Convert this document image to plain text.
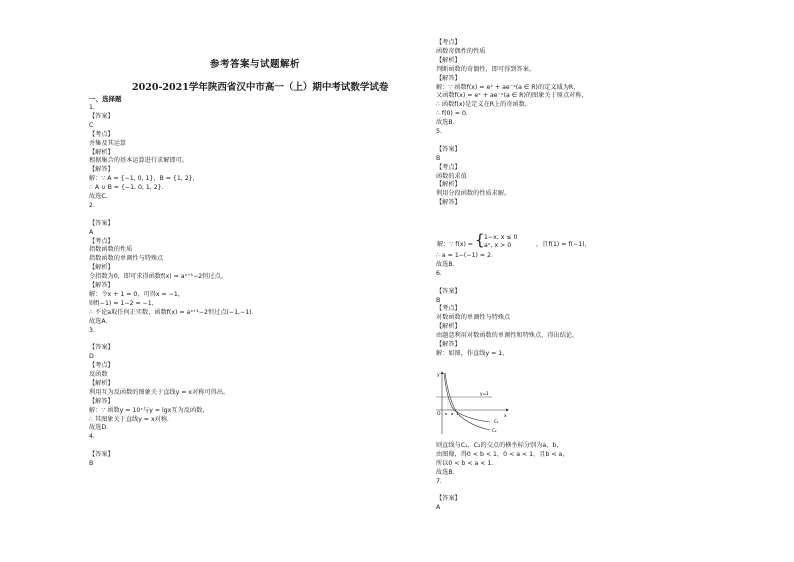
参考答案与试题解析
2020-2021学年陕西省汉中市高一（上）期中考试数学试卷
一、选择题
1.
【答案】
C
【考点】
并集及其运算
【解析】
根据集合的基本运算进行求解即可。
【解答】
解：∵ A = {−1, 0, 1}，B = {1, 2}，
∴ A ∪ B = {−1, 0, 1, 2}.
故选C.
2.
【答案】
A
【考点】
指数函数的性质
指数函数的单调性与特殊点
【解析】
令指数为0，即可求得函数f(x) = aˣ⁺¹−2恒过点。
【解答】
解：令x + 1 = 0，可得x = −1，
则f(−1) = 1−2 = −1，
∴ 不论a取任何正实数，函数f(x) = aˣ⁺¹−2恒过点(−1,−1).
故选A.
3.
【答案】
D
【考点】
反函数
【解析】
利用互为反函数的图象关于直线y = x对称可得出。
【解答】
解：∵ 函数y = 10ˣ与y = lgx互为反函数，
∴ 其图象关于直线y = x对称．
故选D.
4.
【答案】
B
【考点】
函数奇偶性的性质
【解析】
判断函数的奇偶性，即可得到答案。
【解答】
解：∵ 函数f(x) = eˣ + ae⁻ˣ(a ∈ R)的定义域为R，
又函数f(x) = eˣ + ae⁻ˣ(a ∈ R)的图象关于原点对称，
∴ 函数f(x)是定义在R上的奇函数，
∴ f(0) = 0．
故选B.
5.
【答案】
B
【考点】
函数的求值
【解析】
利用分段函数的性质求解。
【解答】
∴ a = 1−(−1) = 2．
故选B.
6.
【答案】
B
【考点】
对数函数的单调性与特殊点
【解析】
由题意利用对数函数的单调性和特殊点，得出结论。
【解答】
解：如图，作直线y = 1，
则直线与C₁，C₂的交点的横坐标分别为a，b，
由图像，得0 < b < 1，0 < a < 1，且b < a，
所以0 < b < a < 1．
故选B.
7.
【答案】
A
解：∵ f(x) = { 1−x, x ≤ 0
aˣ, x > 0	，且f(1) = f(−1)，
y
x
O
y=1
C₁
C₂
b a 1
